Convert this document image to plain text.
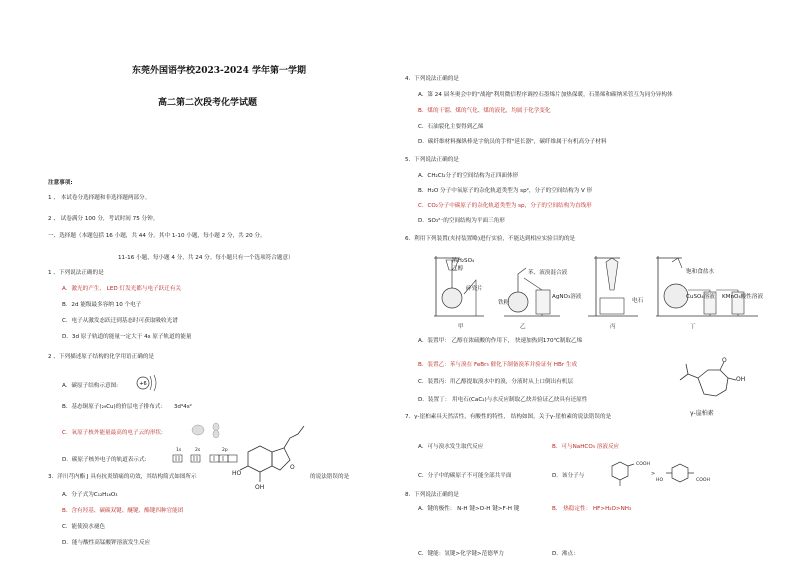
东莞外国语学校2023-2024 学年第一学期
高二第二次段考化学试题
注意事项:
1 、 本试卷分选择题和非选择题两部分。
2 、 试卷满分 100 分，考试时间 75 分钟。
一、选择题（本题包括 16 小题，共 44 分。其中 1-10 小题，每小题 2 分，共 20 分。
11-16 小题，每小题 4 分，共 24 分。每小题只有一个选项符合题意）
1 、下列说法正确的是
A．激光的产生、 LED 灯发光都与电子跃迁有关
B．2d 能级最多容纳 10 个电子
C．电子从激发态跃迁到基态时可获取吸收光谱
D．3d 原子轨道的能量一定大于 4s 原子轨道的能量
2 、下列描述原子结构的化学用语正确的是
A．碳原子结构示意图:	+6
B．基态铜原子(₂₉Cu)的价层电子排布式： 3d⁹4s²
C．氧原子核外能量最高的电子云的形状:
D．碳原子核外电子的轨道表示式:
1s	2s	2p
3．洋川芎内酯 J 具有抗炎镇痛的功效，其结构简式如图所示	的说法错误的是
HO
O
OH
A．分子式为C₁₂H₁₆O₃
B．含有羟基、碳碳双键、醚键、酯键四种官能团
C．能使溴水褪色
D．能与酸性高锰酸钾溶液发生反应
4．下列说法正确的是
A．第 24 届冬奥会中的"战袍"利用微信程序调控石墨烯片加热保暖，石墨烯和碳纳米管互为同分异构体
B．煤的干馏、煤的气化、煤的液化，均属于化学变化
C．石油裂化主要得到乙烯
D．碳纤维材料操纵棒是宇航员的手臂"延长器"，碳纤维属于有机高分子材料
5．下列说法正确的是
A．CH₂Cl₂分子的空间结构为正四面体形
B．H₂O 分子中氧原子的杂化轨道类型为 sp²，分子的空间结构为 V 形
C．CO₂分子中碳原子的杂化轨道类型为 sp，分子的空间结构为直线形
D．SO₃²⁻的空间结构为平面三角形
6．利用下列装置(夹持装置略)进行实验，不能达到相应实验目的的是
浓H₂SO₄
乙醇
碎瓷片
苯、液溴混合液
铁粉
AgNO₃溶液
饱和食盐水
电石
CuSO₄溶液 KMnO₄酸性溶液
甲	乙	丙	丁
A．装置甲： 乙醇在浓硫酸的作用下， 快速加热到170℃制取乙烯
B．装置乙：苯与溴在 FeBr₃ 催化下制备溴苯并验证有 HBr 生成
C．装置丙：用乙醇提取溴水中的溴，分液时从上口倒出有机层
D．装置丁： 用电石(CaC₂)与水反应制取乙炔并验证乙炔具有还原性
O
OH
γ-崖柏素
7．γ-崖柏素具天然活性，有酸性的特性， 结构如图，关于γ-崖柏素的说法错误的是
A．可与溴水发生取代反应	B．可与NaHCO₃ 溶液反应
C．分子中的碳原子不可能全部共平面	D．该分子与
COOH
>
HO	COOH
8．下列说法正确的是
A．键的极性： N-H 键>O-H 键>F-H 键	B． 热稳定性： HF>H₂O>NH₃
C．键能：氢键>化学键>范德华力	D．沸点：
